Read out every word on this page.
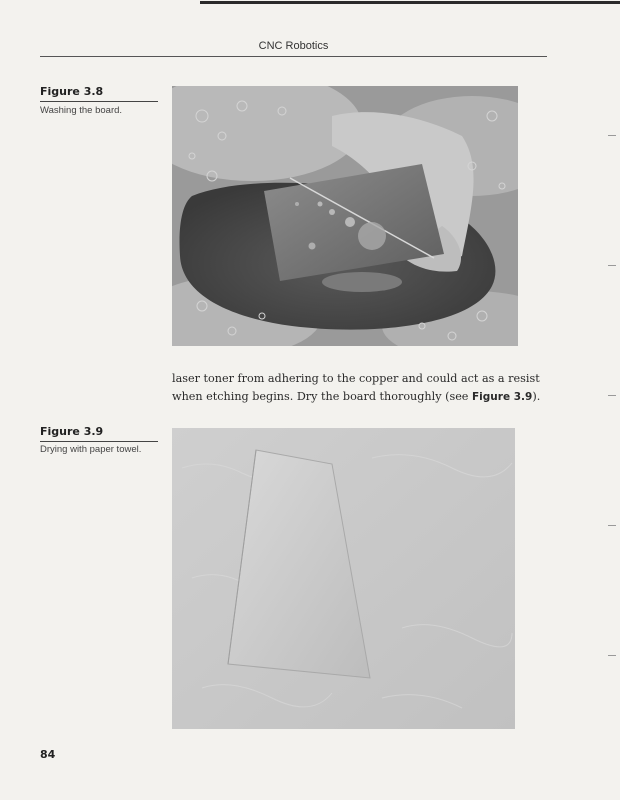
CNC Robotics
Figure 3.8
Washing the board.
laser toner from adhering to the copper and could act as a resist when etching begins. Dry the board thoroughly (see Figure 3.9).
Figure 3.9
Drying with paper towel.
84
